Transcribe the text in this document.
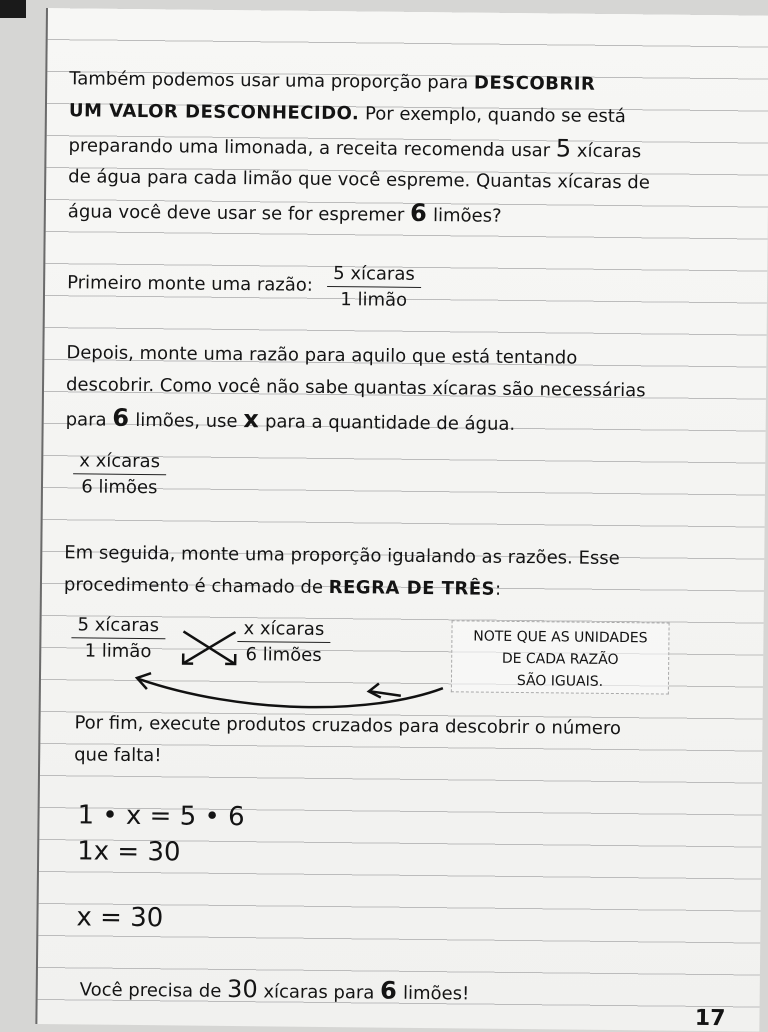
Também podemos usar uma proporção para DESCOBRIR
UM VALOR DESCONHECIDO. Por exemplo, quando se está
preparando uma limonada, a receita recomenda usar 5 xícaras
de água para cada limão que você espreme. Quantas xícaras de
água você deve usar se for espremer 6 limões?
Primeiro monte uma razão:	5 xícaras
1 limão
Depois, monte uma razão para aquilo que está tentando
descobrir. Como você não sabe quantas xícaras são necessárias
para 6 limões, use x para a quantidade de água.
x xícaras
6 limões
Em seguida, monte uma proporção igualando as razões. Esse
procedimento é chamado de REGRA DE TRÊS:
5 xícaras
1 limão
x xícaras
6 limões
NOTE QUE AS UNIDADES
DE CADA RAZÃO
SÃO IGUAIS.
Por fim, execute produtos cruzados para descobrir o número
que falta!
1 • x = 5 • 6
1x = 30
x = 30
Você precisa de 30 xícaras para 6 limões!
17
